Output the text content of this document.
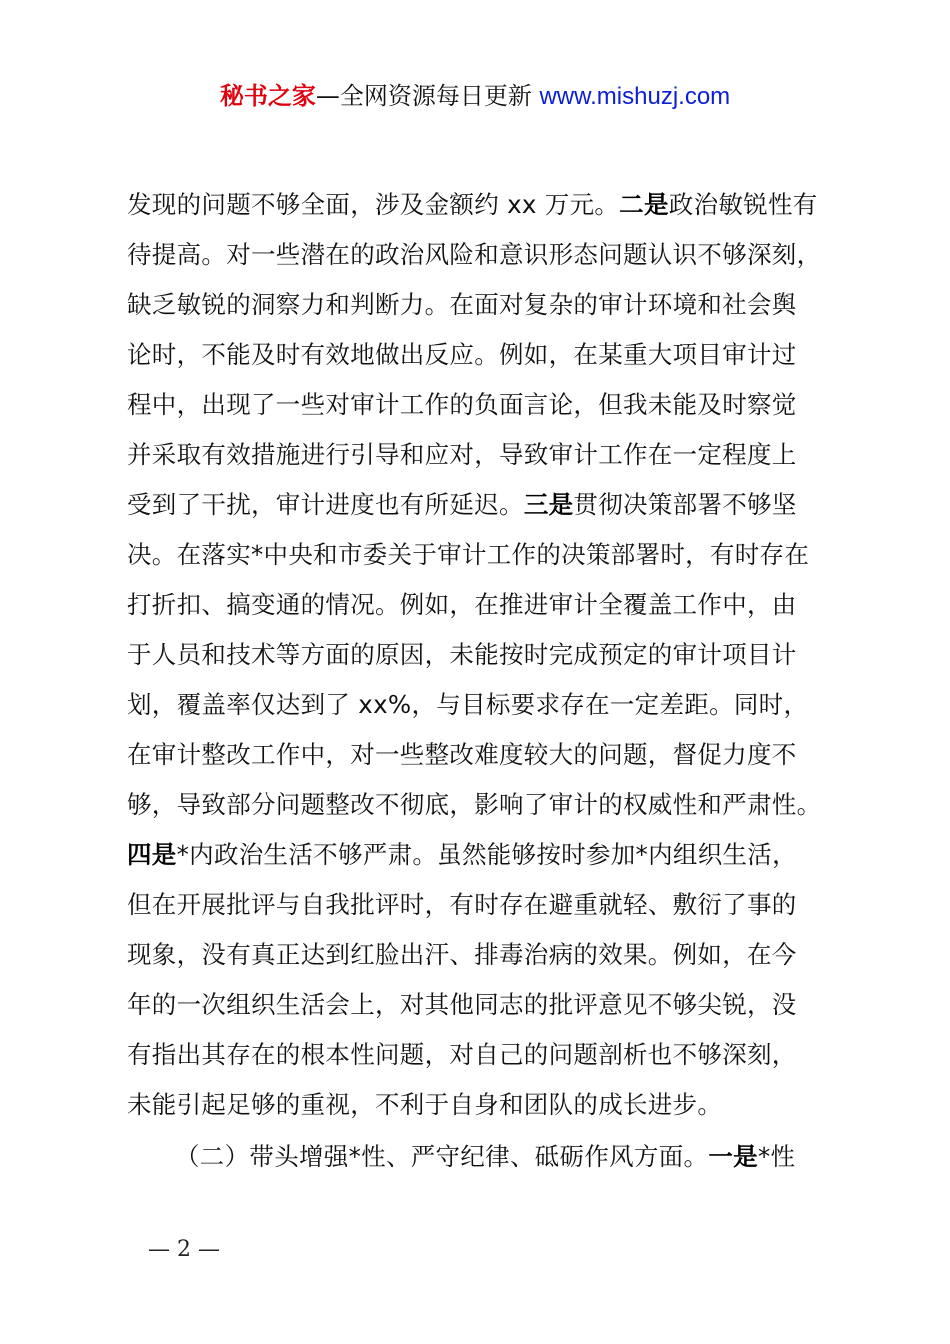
秘书之家—全网资源每日更新 www.mishuzj.com
发现的问题不够全面，涉及金额约 xx 万元。二是政治敏锐性有
待提高。对一些潜在的政治风险和意识形态问题认识不够深刻，
缺乏敏锐的洞察力和判断力。在面对复杂的审计环境和社会舆
论时，不能及时有效地做出反应。例如，在某重大项目审计过
程中，出现了一些对审计工作的负面言论，但我未能及时察觉
并采取有效措施进行引导和应对，导致审计工作在一定程度上
受到了干扰，审计进度也有所延迟。三是贯彻决策部署不够坚
决。在落实*中央和市委关于审计工作的决策部署时，有时存在
打折扣、搞变通的情况。例如，在推进审计全覆盖工作中，由
于人员和技术等方面的原因，未能按时完成预定的审计项目计
划，覆盖率仅达到了 xx%，与目标要求存在一定差距。同时，
在审计整改工作中，对一些整改难度较大的问题，督促力度不
够，导致部分问题整改不彻底，影响了审计的权威性和严肃性。
四是*内政治生活不够严肃。虽然能够按时参加*内组织生活，
但在开展批评与自我批评时，有时存在避重就轻、敷衍了事的
现象，没有真正达到红脸出汗、排毒治病的效果。例如，在今
年的一次组织生活会上，对其他同志的批评意见不够尖锐，没
有指出其存在的根本性问题，对自己的问题剖析也不够深刻，
未能引起足够的重视，不利于自身和团队的成长进步。
（二）带头增强*性、严守纪律、砥砺作风方面。一是*性
— 2 —
